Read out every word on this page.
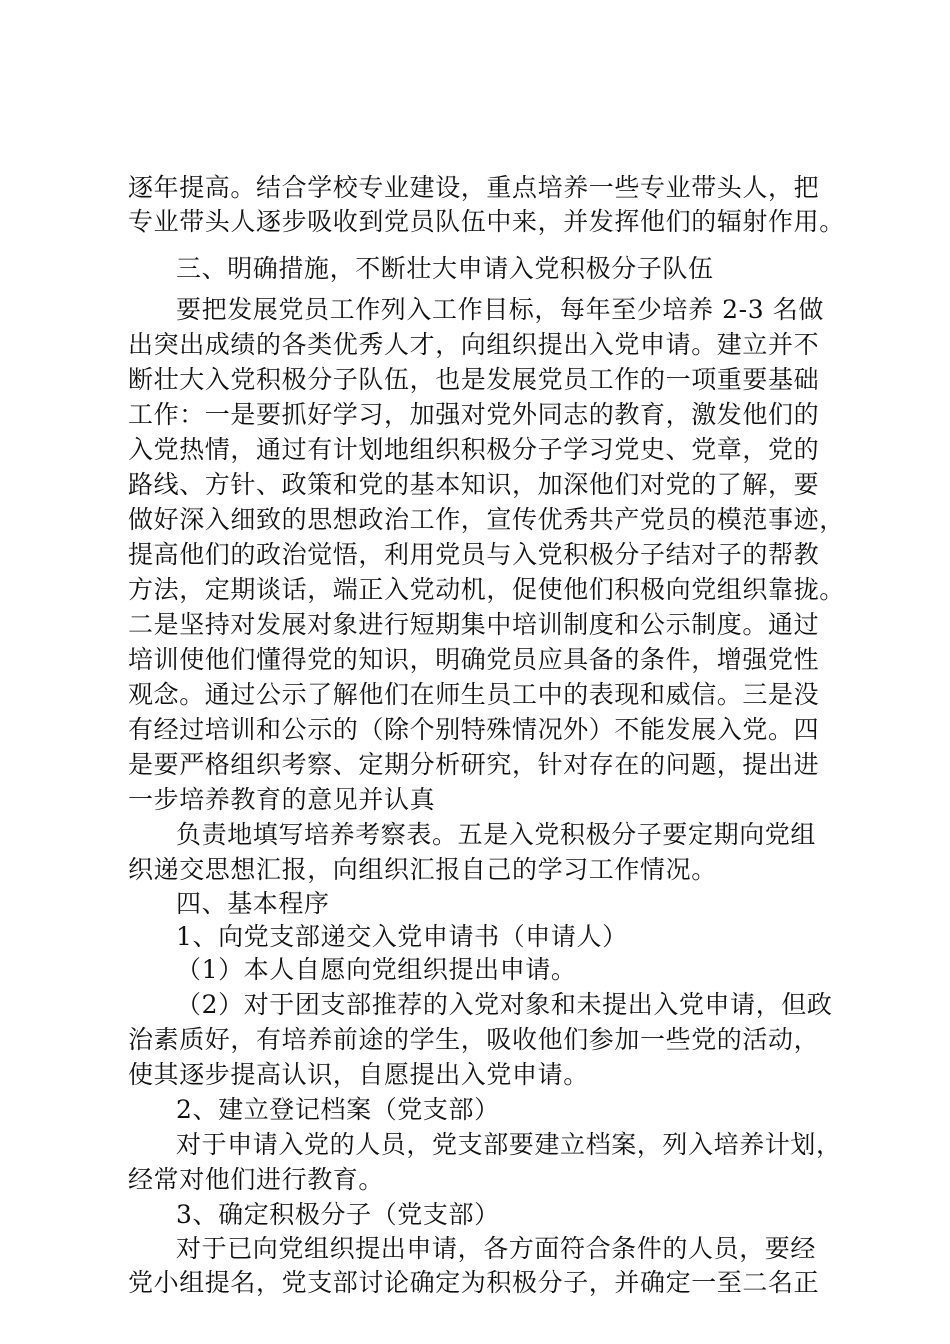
逐年提高。结合学校专业建设，重点培养一些专业带头人，把
专业带头人逐步吸收到党员队伍中来，并发挥他们的辐射作用。
三、明确措施，不断壮大申请入党积极分子队伍
要把发展党员工作列入工作目标，每年至少培养 2-3 名做
出突出成绩的各类优秀人才，向组织提出入党申请。建立并不
断壮大入党积极分子队伍，也是发展党员工作的一项重要基础
工作：一是要抓好学习，加强对党外同志的教育，激发他们的
入党热情，通过有计划地组织积极分子学习党史、党章，党的
路线、方针、政策和党的基本知识，加深他们对党的了解，要
做好深入细致的思想政治工作，宣传优秀共产党员的模范事迹，
提高他们的政治觉悟，利用党员与入党积极分子结对子的帮教
方法，定期谈话，端正入党动机，促使他们积极向党组织靠拢。
二是坚持对发展对象进行短期集中培训制度和公示制度。通过
培训使他们懂得党的知识，明确党员应具备的条件，增强党性
观念。通过公示了解他们在师生员工中的表现和威信。三是没
有经过培训和公示的（除个别特殊情况外）不能发展入党。四
是要严格组织考察、定期分析研究，针对存在的问题，提出进
一步培养教育的意见并认真
负责地填写培养考察表。五是入党积极分子要定期向党组
织递交思想汇报，向组织汇报自己的学习工作情况。
四、基本程序
1、向党支部递交入党申请书（申请人）
（1）本人自愿向党组织提出申请。
（2）对于团支部推荐的入党对象和未提出入党申请，但政
治素质好，有培养前途的学生，吸收他们参加一些党的活动，
使其逐步提高认识，自愿提出入党申请。
2、建立登记档案（党支部）
对于申请入党的人员，党支部要建立档案，列入培养计划，
经常对他们进行教育。
3、确定积极分子（党支部）
对于已向党组织提出申请，各方面符合条件的人员，要经
党小组提名，党支部讨论确定为积极分子，并确定一至二名正
